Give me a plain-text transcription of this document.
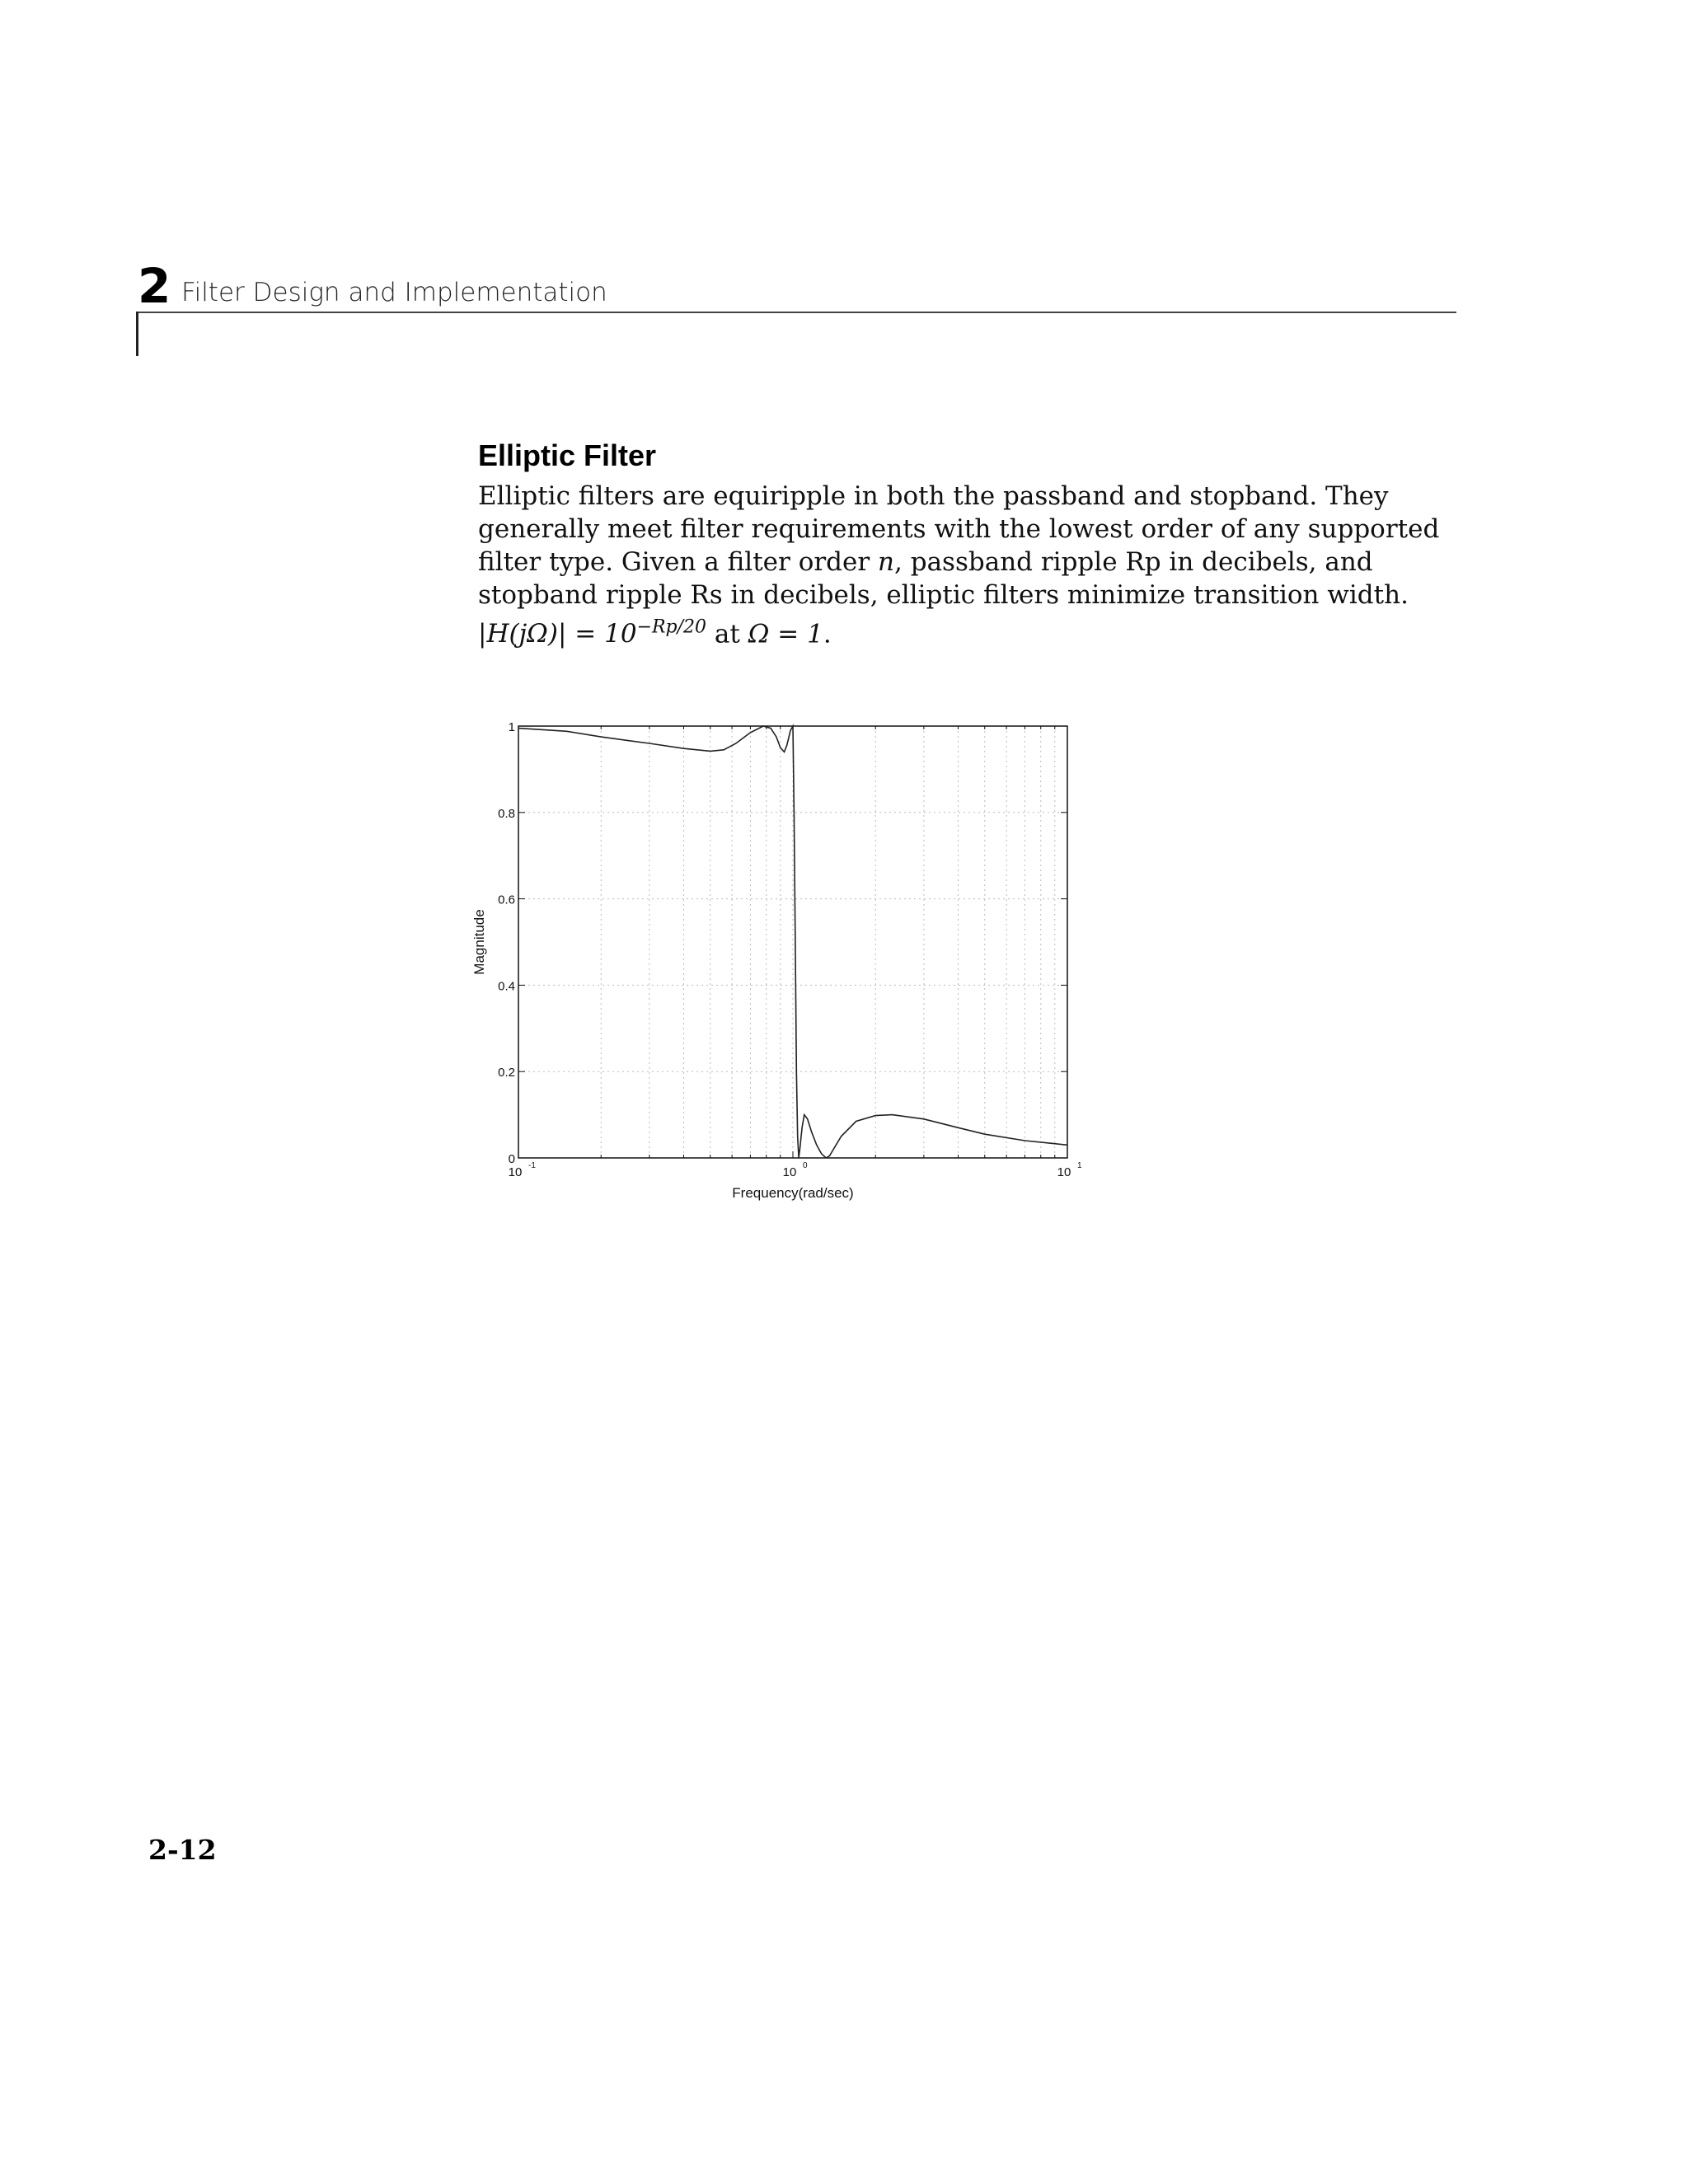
2 Filter Design and Implementation
Elliptic Filter

Elliptic filters are equiripple in both the passband and stopband. They generally meet filter requirements with the lowest order of any supported filter type. Given a filter order n, passband ripple Rp in decibels, and stopband ripple Rs in decibels, elliptic filters minimize transition width. $|H(j\Omega)| = 10^{-Rp/20}$ at Ω = 1.

0
0.2
0.4
0.6
0.8
1
10 -1	10 0	10 1
Frequency(rad/sec)
Magnitude
2-12
